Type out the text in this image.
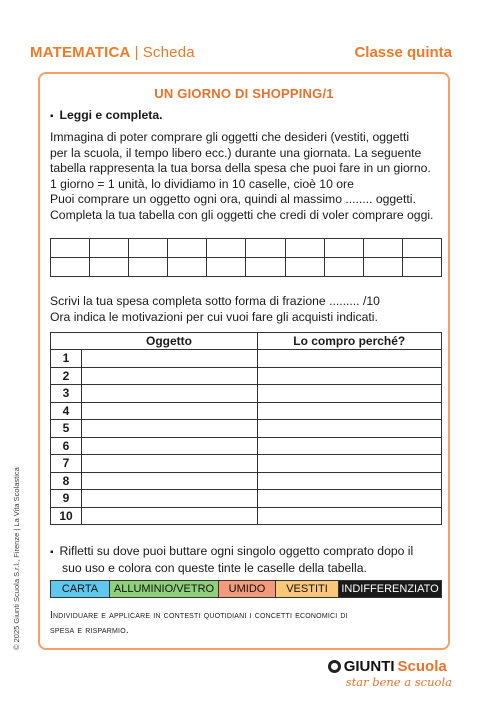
MATEMATICA | Scheda	Classe quinta
© 2025 Giunti Scuola S.r.l., Firenze | La Vita Scolastica
UN GIORNO DI SHOPPING/1
▪ Leggi e completa.
Immagina di poter comprare gli oggetti che desideri (vestiti, oggetti
per la scuola, il tempo libero ecc.) durante una giornata. La seguente
tabella rappresenta la tua borsa della spesa che puoi fare in un giorno.
1 giorno = 1 unità, lo dividiamo in 10 caselle, cioè 10 ore
Puoi comprare un oggetto ogni ora, quindi al massimo ........ oggetti.
Completa la tua tabella con gli oggetti che credi di voler comprare oggi.

Scrivi la tua spesa completa sotto forma di frazione ......... /10
Ora indica le motivazioni per cui vuoi fare gli acquisti indicati.
	Oggetto	Lo compro perché?
1		
2		
3		
4		
5		
6		
7		
8		
9		
10		
▪ Rifletti su dove puoi buttare ogni singolo oggetto comprato dopo il
suo uso e colora con queste tinte le caselle della tabella.
CARTA	ALLUMINIO/VETRO	UMIDO	VESTITI	INDIFFERENZIATO
Individuare e applicare in contesti quotidiani i concetti economici di
spesa e risparmio.
GIUNTI Scuola
star bene a scuola
